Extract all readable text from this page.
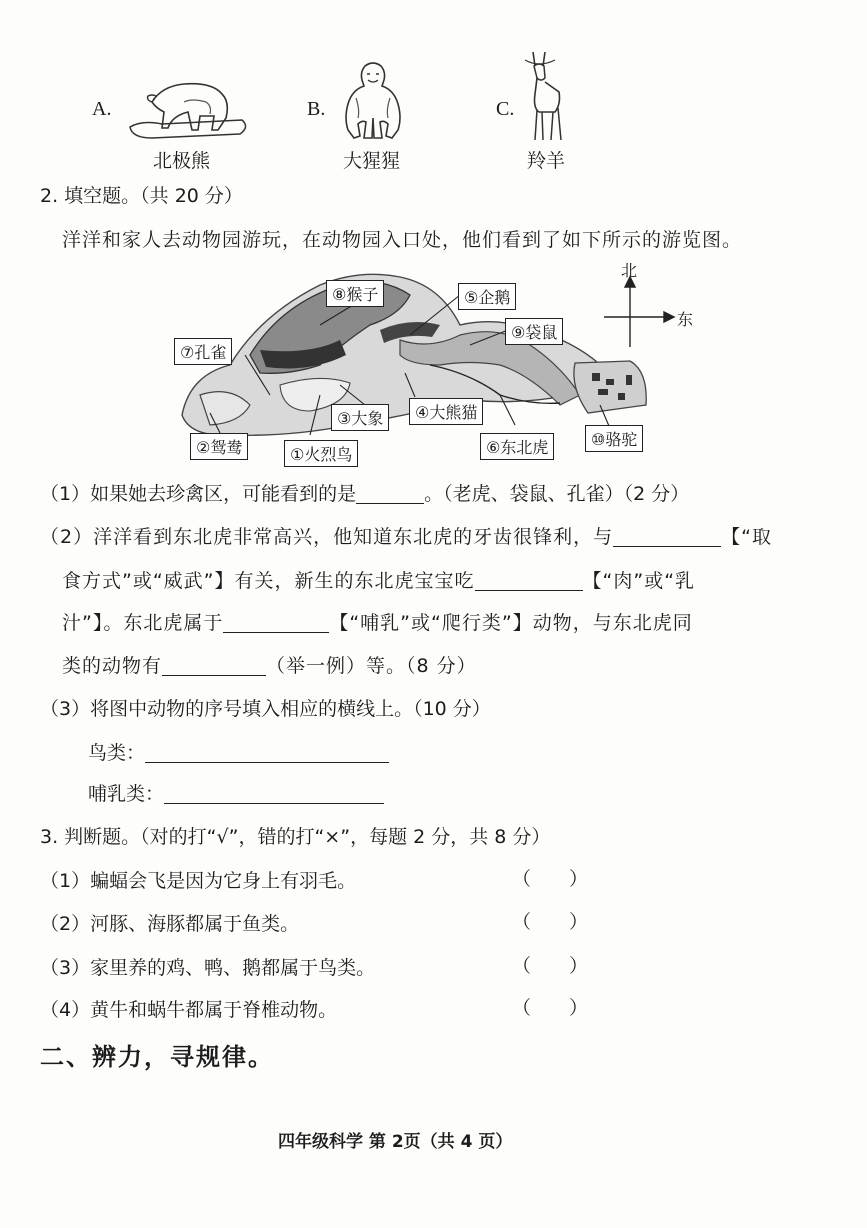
A.
北极熊
B.
大猩猩
C.
羚羊
2. 填空题。（共 20 分）
洋洋和家人去动物园游玩，在动物园入口处，他们看到了如下所示的游览图。
北
东
⑧猴子	⑤企鹅
⑨袋鼠
⑦孔雀
②鸳鸯	①火烈鸟
③大象	④大熊猫
⑥东北虎	⑩骆驼
（1）如果她去珍禽区，可能看到的是	。（老虎、袋鼠、孔雀）（2 分）
（2）洋洋看到东北虎非常高兴，他知道东北虎的牙齿很锋利，与	【“取
食方式”或“威武”】有关，新生的东北虎宝宝吃	【“肉”或“乳
汁”】。东北虎属于	【“哺乳”或“爬行类”】动物，与东北虎同
类的动物有	（举一例）等。（8 分）
（3）将图中动物的序号填入相应的横线上。（10 分）
鸟类：
哺乳类：
3. 判断题。（对的打“√”，错的打“×”，每题 2 分，共 8 分）
（1）蝙蝠会飞是因为它身上有羽毛。	（　　）
（2）河豚、海豚都属于鱼类。	（　　）
（3）家里养的鸡、鸭、鹅都属于鸟类。	（　　）
（4）黄牛和蜗牛都属于脊椎动物。	（　　）
二、辨力，寻规律。
四年级科学 第 2页（共 4 页）
